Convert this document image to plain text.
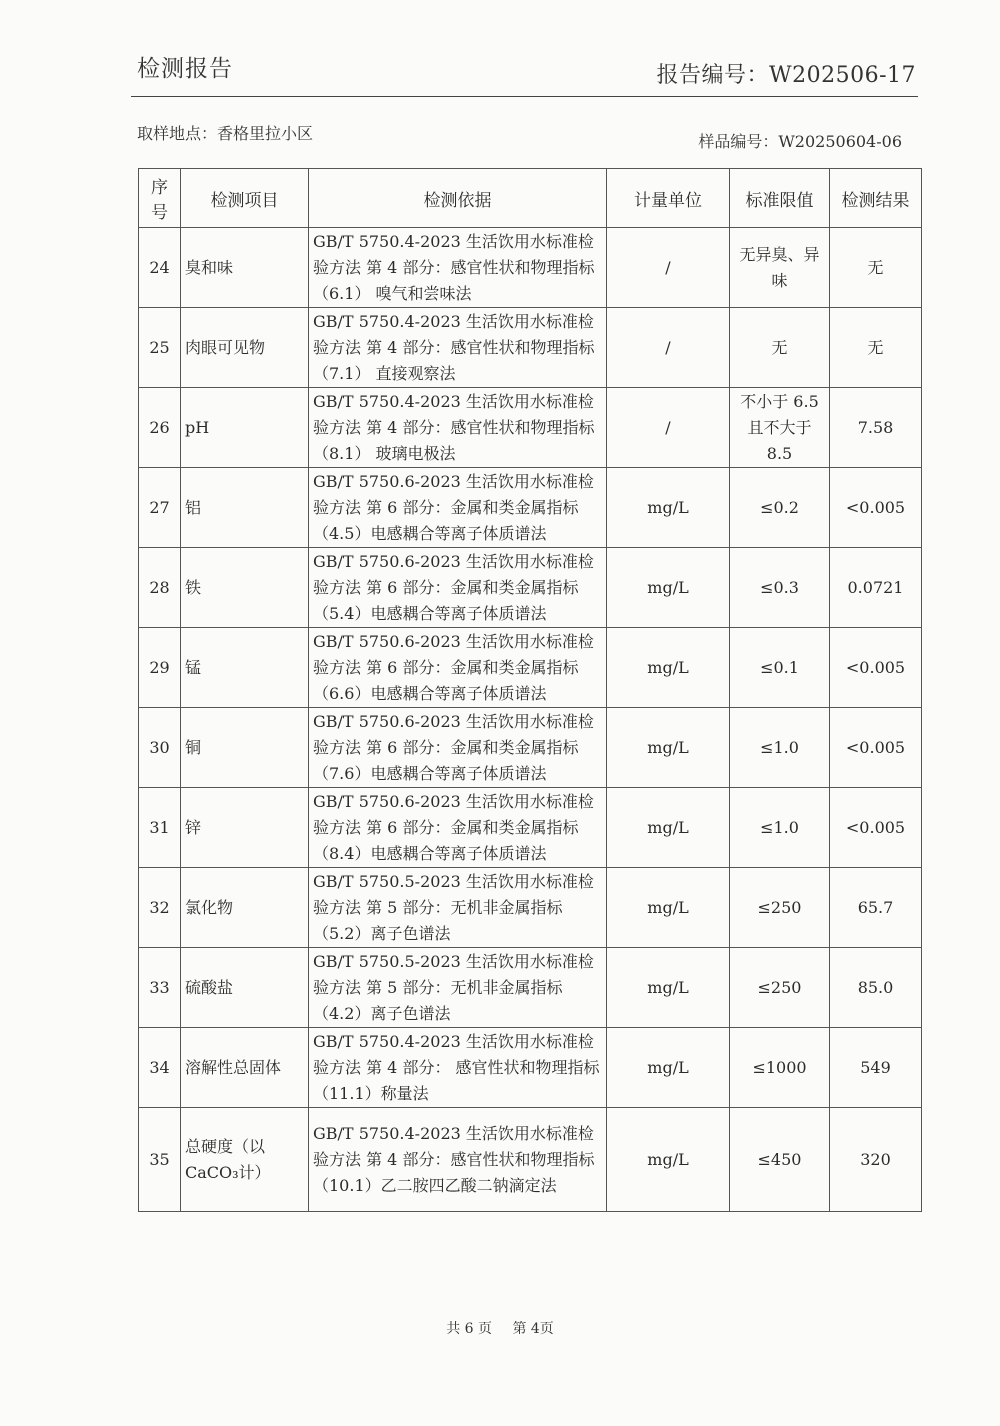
检测报告	报告编号：W202506-17
取样地点：香格里拉小区	样品编号：W20250604-06
序号	检测项目	检测依据	计量单位	标准限值	检测结果
24	臭和味	GB/T 5750.4-2023 生活饮用水标准检验方法 第 4 部分：感官性状和物理指标（6.1） 嗅气和尝味法	/	无异臭、异味	无
25	肉眼可见物	GB/T 5750.4-2023 生活饮用水标准检验方法 第 4 部分：感官性状和物理指标（7.1） 直接观察法	/	无	无
26	pH	GB/T 5750.4-2023 生活饮用水标准检验方法 第 4 部分：感官性状和物理指标（8.1） 玻璃电极法	/	不小于 6.5 且不大于 8.5	7.58
27	铝	GB/T 5750.6-2023 生活饮用水标准检验方法 第 6 部分：金属和类金属指标（4.5）电感耦合等离子体质谱法	mg/L	≤0.2	<0.005
28	铁	GB/T 5750.6-2023 生活饮用水标准检验方法 第 6 部分：金属和类金属指标（5.4）电感耦合等离子体质谱法	mg/L	≤0.3	0.0721
29	锰	GB/T 5750.6-2023 生活饮用水标准检验方法 第 6 部分：金属和类金属指标（6.6）电感耦合等离子体质谱法	mg/L	≤0.1	<0.005
30	铜	GB/T 5750.6-2023 生活饮用水标准检验方法 第 6 部分：金属和类金属指标（7.6）电感耦合等离子体质谱法	mg/L	≤1.0	<0.005
31	锌	GB/T 5750.6-2023 生活饮用水标准检验方法 第 6 部分：金属和类金属指标（8.4）电感耦合等离子体质谱法	mg/L	≤1.0	<0.005
32	氯化物	GB/T 5750.5-2023 生活饮用水标准检验方法 第 5 部分：无机非金属指标（5.2）离子色谱法	mg/L	≤250	65.7
33	硫酸盐	GB/T 5750.5-2023 生活饮用水标准检验方法 第 5 部分：无机非金属指标（4.2）离子色谱法	mg/L	≤250	85.0
34	溶解性总固体	GB/T 5750.4-2023 生活饮用水标准检验方法 第 4 部分： 感官性状和物理指标（11.1）称量法	mg/L	≤1000	549
35	总硬度（以CaCO₃计）	GB/T 5750.4-2023 生活饮用水标准检验方法 第 4 部分：感官性状和物理指标 （10.1）乙二胺四乙酸二钠滴定法	mg/L	≤450	320
共 6 页 第 4页
